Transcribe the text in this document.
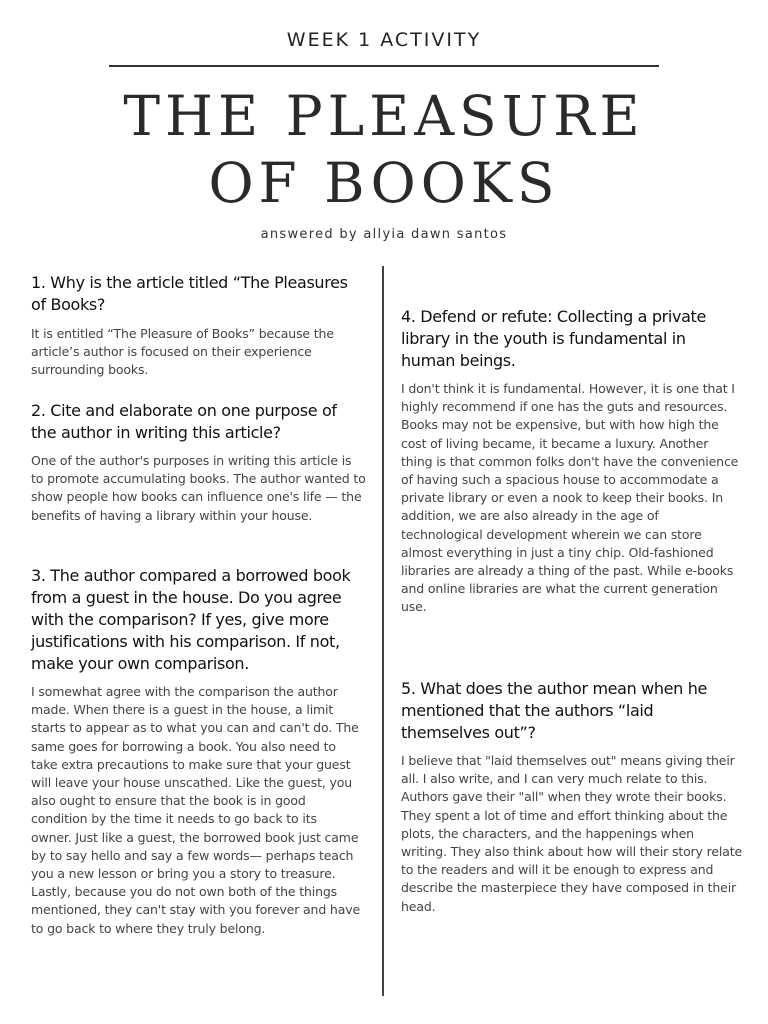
WEEK 1 ACTIVITY
THE PLEASURE
OF BOOKS
answered by allyia dawn santos

1. Why is the article titled “The Pleasures of Books?

It is entitled “The Pleasure of Books” because the article’s author is focused on their experience surrounding books.

2. Cite and elaborate on one purpose of the author in writing this article?

One of the author's purposes in writing this article is to promote accumulating books. The author wanted to show people how books can influence one's life — the benefits of having a library within your house.

3. The author compared a borrowed book from a guest in the house. Do you agree with the comparison? If yes, give more justifications with his comparison. If not, make your own comparison.

I somewhat agree with the comparison the author made. When there is a guest in the house, a limit starts to appear as to what you can and can't do. The same goes for borrowing a book. You also need to take extra precautions to make sure that your guest will leave your house unscathed. Like the guest, you also ought to ensure that the book is in good condition by the time it needs to go back to its owner. Just like a guest, the borrowed book just came by to say hello and say a few words— perhaps teach you a new lesson or bring you a story to treasure. Lastly, because you do not own both of the things mentioned, they can't stay with you forever and have to go back to where they truly belong.

4. Defend or refute: Collecting a private library in the youth is fundamental in human beings.

I don't think it is fundamental. However, it is one that I highly recommend if one has the guts and resources. Books may not be expensive, but with how high the cost of living became, it became a luxury. Another thing is that common folks don't have the convenience of having such a spacious house to accommodate a private library or even a nook to keep their books. In addition, we are also already in the age of technological development wherein we can store almost everything in just a tiny chip. Old-fashioned libraries are already a thing of the past. While e-books and online libraries are what the current generation use.

5. What does the author mean when he mentioned that the authors “laid themselves out”?

I believe that "laid themselves out" means giving their all. I also write, and I can very much relate to this. Authors gave their "all" when they wrote their books. They spent a lot of time and effort thinking about the plots, the characters, and the happenings when writing. They also think about how will their story relate to the readers and will it be enough to express and describe the masterpiece they have composed in their head.
